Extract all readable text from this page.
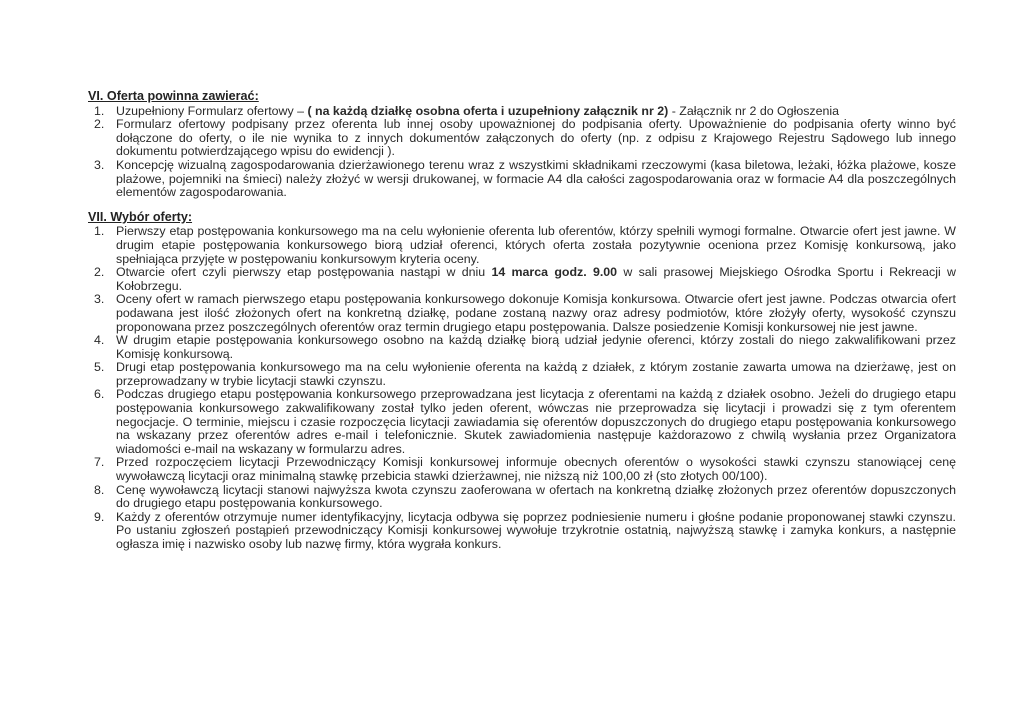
VI. Oferta powinna zawierać:
1. Uzupełniony Formularz ofertowy – ( na każdą działkę osobna oferta i uzupełniony załącznik nr 2) - Załącznik nr 2 do Ogłoszenia
2. Formularz ofertowy podpisany przez oferenta lub innej osoby upoważnionej do podpisania oferty. Upoważnienie do podpisania oferty winno być dołączone do oferty, o ile nie wynika to z innych dokumentów załączonych do oferty (np. z odpisu z Krajowego Rejestru Sądowego lub innego dokumentu potwierdzającego wpisu do ewidencji ).
3. Koncepcję wizualną zagospodarowania dzierżawionego terenu wraz z wszystkimi składnikami rzeczowymi (kasa biletowa, leżaki, łóżka plażowe, kosze plażowe, pojemniki na śmieci) należy złożyć w wersji drukowanej, w formacie A4 dla całości zagospodarowania oraz w formacie A4 dla poszczególnych elementów zagospodarowania.
VII. Wybór oferty:
1. Pierwszy etap postępowania konkursowego ma na celu wyłonienie oferenta lub oferentów, którzy spełnili wymogi formalne. Otwarcie ofert jest jawne. W drugim etapie postępowania konkursowego biorą udział oferenci, których oferta została pozytywnie oceniona przez Komisję konkursową, jako spełniająca przyjęte w postępowaniu konkursowym kryteria oceny.
2. Otwarcie ofert czyli pierwszy etap postępowania nastąpi w dniu 14 marca godz. 9.00 w sali prasowej Miejskiego Ośrodka Sportu i Rekreacji w Kołobrzegu.
3. Oceny ofert w ramach pierwszego etapu postępowania konkursowego dokonuje Komisja konkursowa. Otwarcie ofert jest jawne. Podczas otwarcia ofert podawana jest ilość złożonych ofert na konkretną działkę, podane zostaną nazwy oraz adresy podmiotów, które złożyły oferty, wysokość czynszu proponowana przez poszczególnych oferentów oraz termin drugiego etapu postępowania. Dalsze posiedzenie Komisji konkursowej nie jest jawne.
4. W drugim etapie postępowania konkursowego osobno na każdą działkę biorą udział jedynie oferenci, którzy zostali do niego zakwalifikowani przez Komisję konkursową.
5. Drugi etap postępowania konkursowego ma na celu wyłonienie oferenta na każdą z działek, z którym zostanie zawarta umowa na dzierżawę, jest on przeprowadzany w trybie licytacji stawki czynszu.
6. Podczas drugiego etapu postępowania konkursowego przeprowadzana jest licytacja z oferentami na każdą z działek osobno. Jeżeli do drugiego etapu postępowania konkursowego zakwalifikowany został tylko jeden oferent, wówczas nie przeprowadza się licytacji i prowadzi się z tym oferentem negocjacje. O terminie, miejscu i czasie rozpoczęcia licytacji zawiadamia się oferentów dopuszczonych do drugiego etapu postępowania konkursowego na wskazany przez oferentów adres e-mail i telefonicznie. Skutek zawiadomienia następuje każdorazowo z chwilą wysłania przez Organizatora wiadomości e-mail na wskazany w formularzu adres.
7. Przed rozpoczęciem licytacji Przewodniczący Komisji konkursowej informuje obecnych oferentów o wysokości stawki czynszu stanowiącej cenę wywoławczą licytacji oraz minimalną stawkę przebicia stawki dzierżawnej, nie niższą niż 100,00 zł (sto złotych 00/100).
8. Cenę wywoławczą licytacji stanowi najwyższa kwota czynszu zaoferowana w ofertach na konkretną działkę złożonych przez oferentów dopuszczonych do drugiego etapu postępowania konkursowego.
9. Każdy z oferentów otrzymuje numer identyfikacyjny, licytacja odbywa się poprzez podniesienie numeru i głośne podanie proponowanej stawki czynszu. Po ustaniu zgłoszeń postąpień przewodniczący Komisji konkursowej wywołuje trzykrotnie ostatnią, najwyższą stawkę i zamyka konkurs, a następnie ogłasza imię i nazwisko osoby lub nazwę firmy, która wygrała konkurs.
